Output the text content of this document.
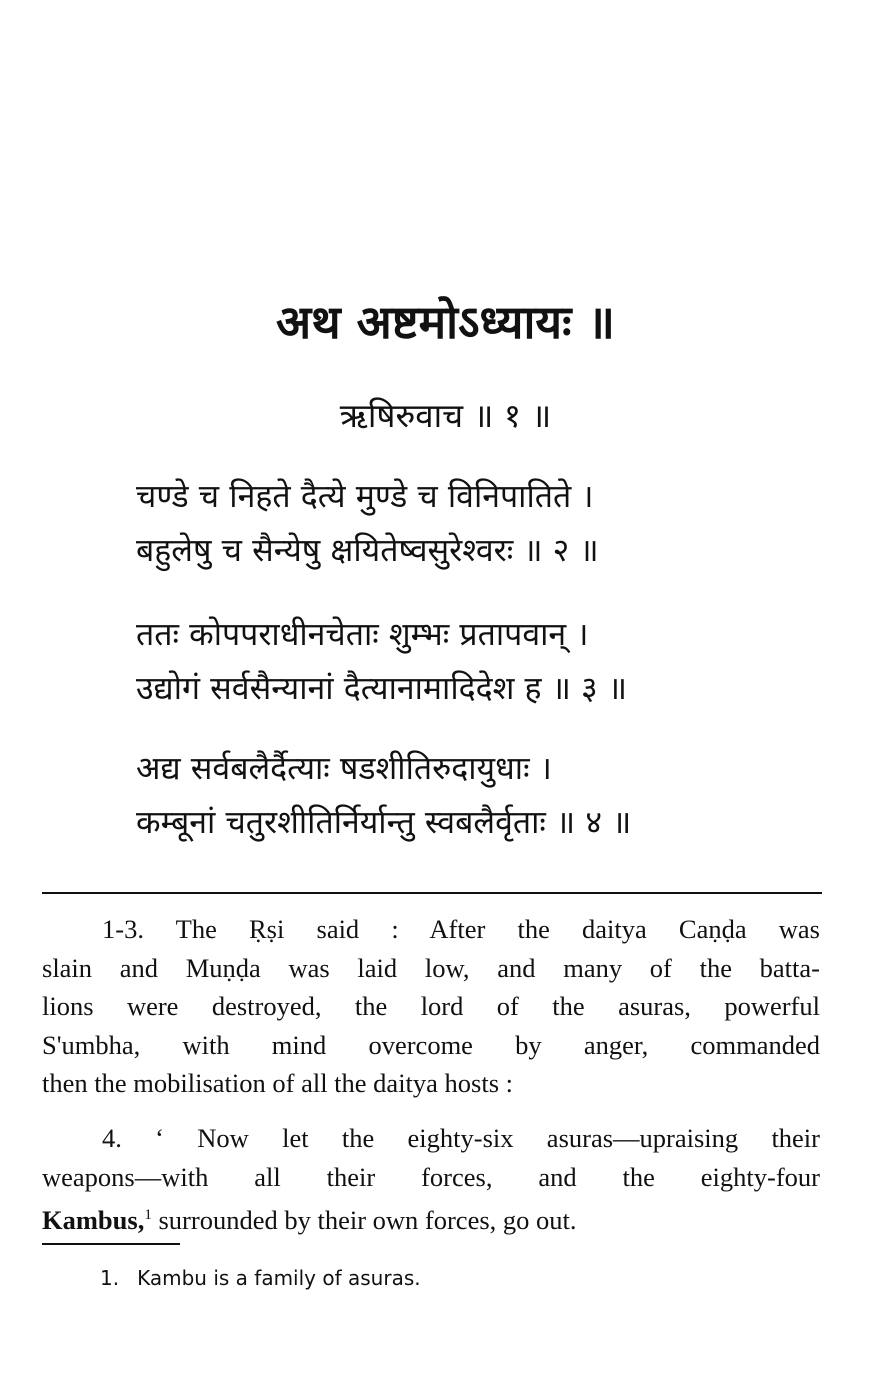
अथ अष्टमोऽध्यायः ॥
ऋषिरुवाच ॥ १ ॥
चण्डे च निहते दैत्ये मुण्डे च विनिपातिते ।
बहुलेषु च सैन्येषु क्षयितेष्वसुरेश्वरः ॥ २ ॥
ततः कोपपराधीनचेताः शुम्भः प्रतापवान् ।
उद्योगं सर्वसैन्यानां दैत्यानामादिदेश ह ॥ ३ ॥
अद्य सर्वबलैर्दैत्याः षडशीतिरुदायुधाः ।
कम्बूनां चतुरशीतिर्निर्यान्तु स्वबलैर्वृताः ॥ ४ ॥
1-3. The Ṛṣi said : After the daitya Caṇḍa was
slain and Muṇḍa was laid low, and many of the batta-
lions were destroyed, the lord of the asuras, powerful
S'umbha, with mind overcome by anger, commanded
then the mobilisation of all the daitya hosts :
4. ‘ Now let the eighty-six asuras—upraising their
weapons—with all their forces, and the eighty-four
Kambus,$^1$ surrounded by their own forces, go out.
1. Kambu is a family of asuras.
